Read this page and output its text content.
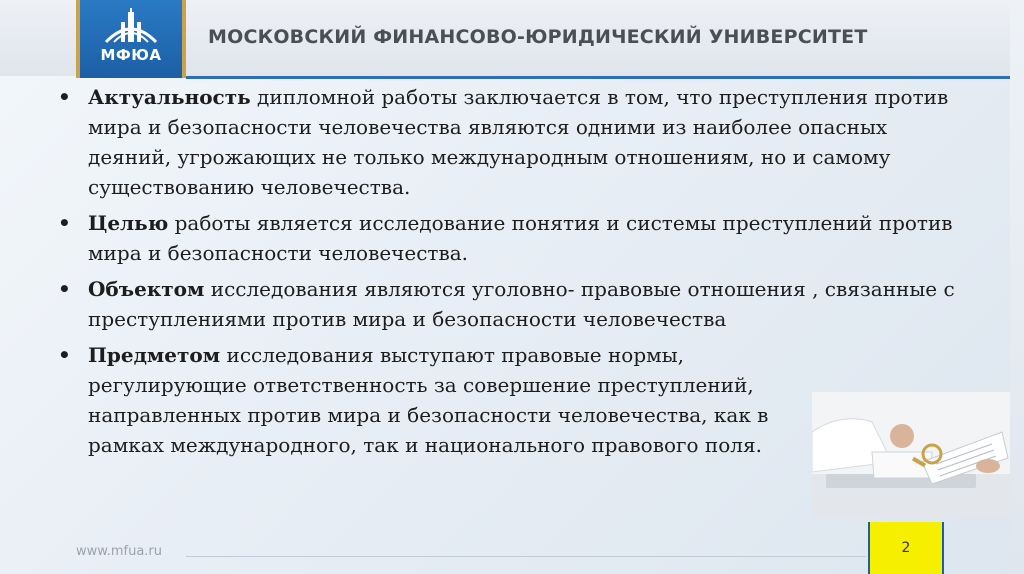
МФЮА
МОСКОВСКИЙ ФИНАНСОВО-ЮРИДИЧЕСКИЙ УНИВЕРСИТЕТ
• Актуальность дипломной работы заключается в том, что преступления против мира и безопасности человечества являются одними из наиболее опасных деяний, угрожающих не только международным отношениям, но и самому существованию человечества.
• Целью работы является исследование понятия и системы преступлений против мира и безопасности человечества.
• Объектом исследования являются уголовно- правовые отношения , связанные с преступлениями против мира и безопасности человечества
• Предметом исследования выступают правовые нормы, регулирующие ответственность за совершение преступлений, направленных против мира и безопасности человечества, как в рамках международного, так и национального правового поля.
www.mfua.ru	2
